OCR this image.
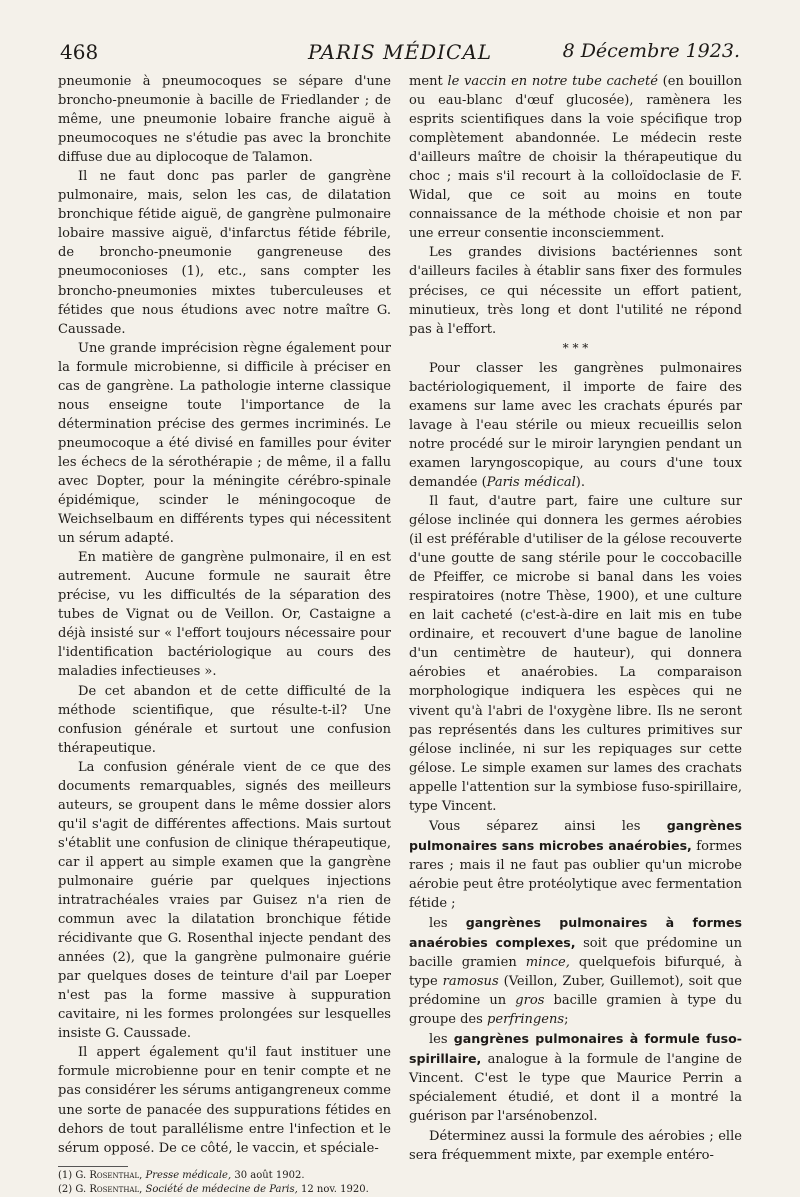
468	PARIS MÉDICAL	8 Décembre 1923.

pneumonie à pneumocoques se sépare d'une broncho-pneumonie à bacille de Friedlander ; de même, une pneumonie lobaire franche aiguë à pneumocoques ne s'étudie pas avec la bronchite diffuse due au diplocoque de Talamon.

Il ne faut donc pas parler de gangrène pulmonaire, mais, selon les cas, de dilatation bronchique fétide aiguë, de gangrène pulmonaire lobaire massive aiguë, d'infarctus fétide fébrile, de broncho-pneumonie gangreneuse des pneumoconioses (1), etc., sans compter les broncho-pneumonies mixtes tuberculeuses et fétides que nous étudions avec notre maître G. Caussade.

Une grande imprécision règne également pour la formule microbienne, si difficile à préciser en cas de gangrène. La pathologie interne classique nous enseigne toute l'importance de la détermination précise des germes incriminés. Le pneumocoque a été divisé en familles pour éviter les échecs de la sérothérapie ; de même, il a fallu avec Dopter, pour la méningite cérébro-spinale épidémique, scinder le méningocoque de Weichselbaum en différents types qui nécessitent un sérum adapté.

En matière de gangrène pulmonaire, il en est autrement. Aucune formule ne saurait être précise, vu les difficultés de la séparation des tubes de Vignat ou de Veillon. Or, Castaigne a déjà insisté sur « l'effort toujours nécessaire pour l'identification bactériologique au cours des maladies infectieuses ».

De cet abandon et de cette difficulté de la méthode scientifique, que résulte-t-il? Une confusion générale et surtout une confusion thérapeutique.

La confusion générale vient de ce que des documents remarquables, signés des meilleurs auteurs, se groupent dans le même dossier alors qu'il s'agit de différentes affections. Mais surtout s'établit une confusion de clinique thérapeutique, car il appert au simple examen que la gangrène pulmonaire guérie par quelques injections intratrachéales vraies par Guisez n'a rien de commun avec la dilatation bronchique fétide récidivante que G. Rosenthal injecte pendant des années (2), que la gangrène pulmonaire guérie par quelques doses de teinture d'ail par Loeper n'est pas la forme massive à suppuration cavitaire, ni les formes prolongées sur lesquelles insiste G. Caussade.

Il appert également qu'il faut instituer une formule microbienne pour en tenir compte et ne pas considérer les sérums antigangreneux comme une sorte de panacée des suppurations fétides en dehors de tout parallélisme entre l'infection et le sérum opposé. De ce côté, le vaccin, et spéciale-

(1) G. Rosenthal, Presse médicale, 30 août 1902.

(2) G. Rosenthal, Société de médecine de Paris, 12 nov. 1920.

ment le vaccin en notre tube cacheté (en bouillon ou eau-blanc d'œuf glucosée), ramènera les esprits scientifiques dans la voie spécifique trop complètement abandonnée. Le médecin reste d'ailleurs maître de choisir la thérapeutique du choc ; mais s'il recourt à la colloïdoclasie de F. Widal, que ce soit au moins en toute connaissance de la méthode choisie et non par une erreur consentie inconsciemment.

Les grandes divisions bactériennes sont d'ailleurs faciles à établir sans fixer des formules précises, ce qui nécessite un effort patient, minutieux, très long et dont l'utilité ne répond pas à l'effort.

* * *

Pour classer les gangrènes pulmonaires bactériologiquement, il importe de faire des examens sur lame avec les crachats épurés par lavage à l'eau stérile ou mieux recueillis selon notre procédé sur le miroir laryngien pendant un examen laryngoscopique, au cours d'une toux demandée (Paris médical).

Il faut, d'autre part, faire une culture sur gélose inclinée qui donnera les germes aérobies (il est préférable d'utiliser de la gélose recouverte d'une goutte de sang stérile pour le coccobacille de Pfeiffer, ce microbe si banal dans les voies respiratoires (notre Thèse, 1900), et une culture en lait cacheté (c'est-à-dire en lait mis en tube ordinaire, et recouvert d'une bague de lanoline d'un centimètre de hauteur), qui donnera aérobies et anaérobies. La comparaison morphologique indiquera les espèces qui ne vivent qu'à l'abri de l'oxygène libre. Ils ne seront pas représentés dans les cultures primitives sur gélose inclinée, ni sur les repiquages sur cette gélose. Le simple examen sur lames des crachats appelle l'attention sur la symbiose fuso-spirillaire, type Vincent.

Vous séparez ainsi les gangrènes pulmonaires sans microbes anaérobies, formes rares ; mais il ne faut pas oublier qu'un microbe aérobie peut être protéolytique avec fermentation fétide ;

les gangrènes pulmonaires à formes anaérobies complexes, soit que prédomine un bacille gramien mince, quelquefois bifurqué, à type ramosus (Veillon, Zuber, Guillemot), soit que prédomine un gros bacille gramien à type du groupe des perfringens;

les gangrènes pulmonaires à formule fuso-spirillaire, analogue à la formule de l'angine de Vincent. C'est le type que Maurice Perrin a spécialement étudié, et dont il a montré la guérison par l'arsénobenzol.

Déterminez aussi la formule des aérobies ; elle sera fréquemment mixte, par exemple entéro-
